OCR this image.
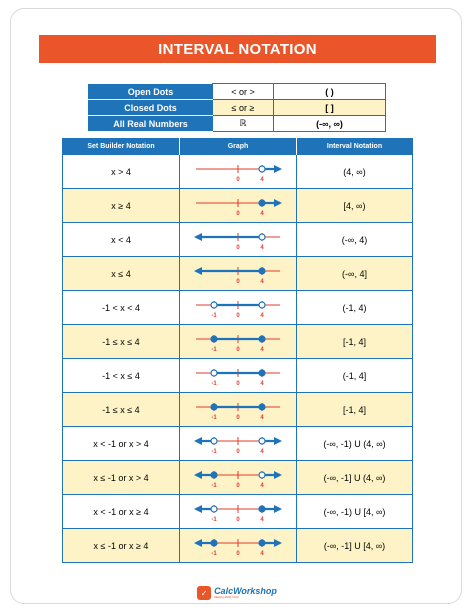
INTERVAL NOTATION
Open Dots	< or >	( )
Closed Dots	≤ or ≥	[ ]
All Real Numbers	ℝ	(-∞, ∞)
Set Builder Notation	Graph	Interval Notation
x > 4	0 4	(4, ∞)
x ≥ 4	0 4	[4, ∞)
x < 4	0 4	(-∞, 4)
x ≤ 4	0 4	(-∞, 4]
-1 < x < 4	-1 0 4	(-1, 4)
-1 ≤ x ≤ 4	-1 0 4	[-1, 4]
-1 < x ≤ 4	-1 0 4	(-1, 4]
-1 ≤ x ≤ 4	-1 0 4	[-1, 4]
x < -1 or x > 4	-1 0 4	(-∞, -1) U (4, ∞)
x ≤ -1 or x > 4	-1 0 4	(-∞, -1] U (4, ∞)
x < -1 or x ≥ 4	-1 0 4	(-∞, -1) U [4, ∞)
x ≤ -1 or x ≥ 4	-1 0 4	(-∞, -1] U [4, ∞)
✓ CalcWorkshop
Making Math Click
